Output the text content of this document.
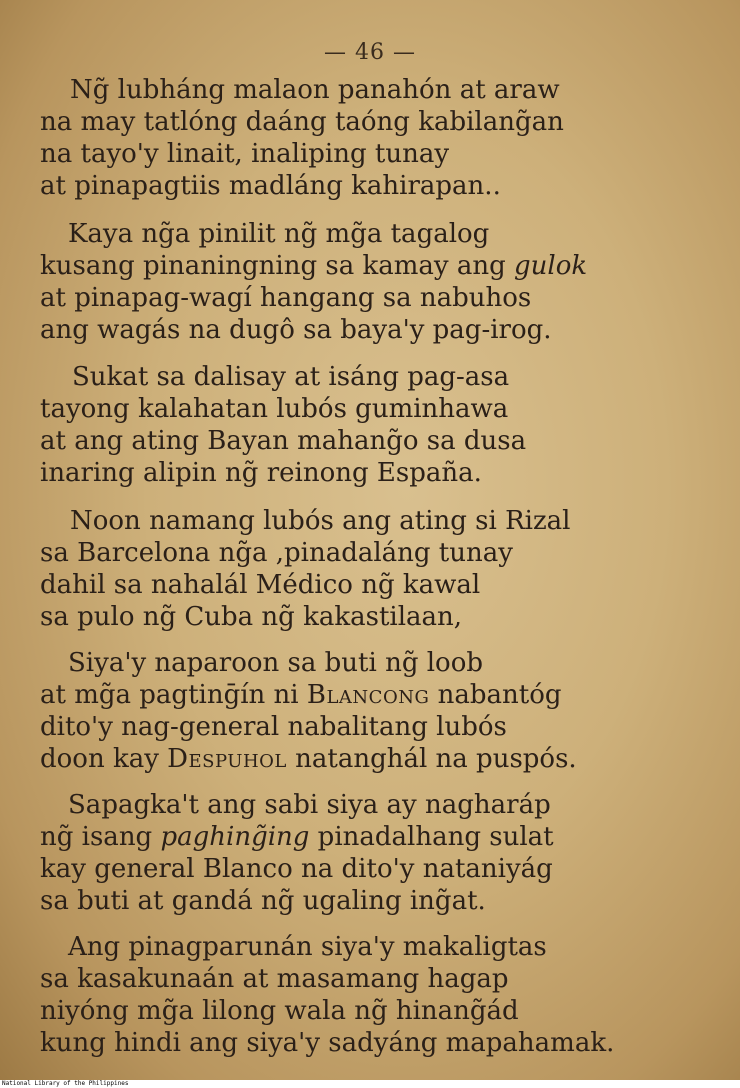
— 46 —
Ng̃ lubháng malaon panahón at araw
na may tatlóng daáng taóng kabilang̃an
na tayo'y linait, inaliping tunay
at pinapagtiis madláng kahirapan..
Kaya ng̃a pinilit ng̃ mg̃a tagalog
kusang pinaningning sa kamay ang gulok
at pinapag-wagí hangang sa nabuhos
ang wagás na dugô sa baya'y pag-irog.
Sukat sa dalisay at isáng pag-asa
tayong kalahatan lubós guminhawa
at ang ating Bayan mahang̃o sa dusa
inaring alipin ng̃ reinong España.
Noon namang lubós ang ating si Rizal
sa Barcelona ng̃a ,pinadaláng tunay
dahil sa nahalál Médico ng̃ kawal
sa pulo ng̃ Cuba ng̃ kakastilaan,
Siya'y naparoon sa buti ng̃ loob
at mg̃a pagtinḡín ni Blancong nabantóg
dito'y nag-general nabalitang lubós
doon kay Despuhol natanghál na puspós.
Sapagka't ang sabi siya ay nagharáp
ng̃ isang paghing̃ing pinadalhang sulat
kay general Blanco na dito'y nataniyág
sa buti at gandá ng̃ ugaling ing̃at.
Ang pinagparunán siya'y makaligtas
sa kasakunaán at masamang hagap
niyóng mg̃a lilong wala ng̃ hinang̃ád
kung hindi ang siya'y sadyáng mapahamak.
National Library of the Philippines
